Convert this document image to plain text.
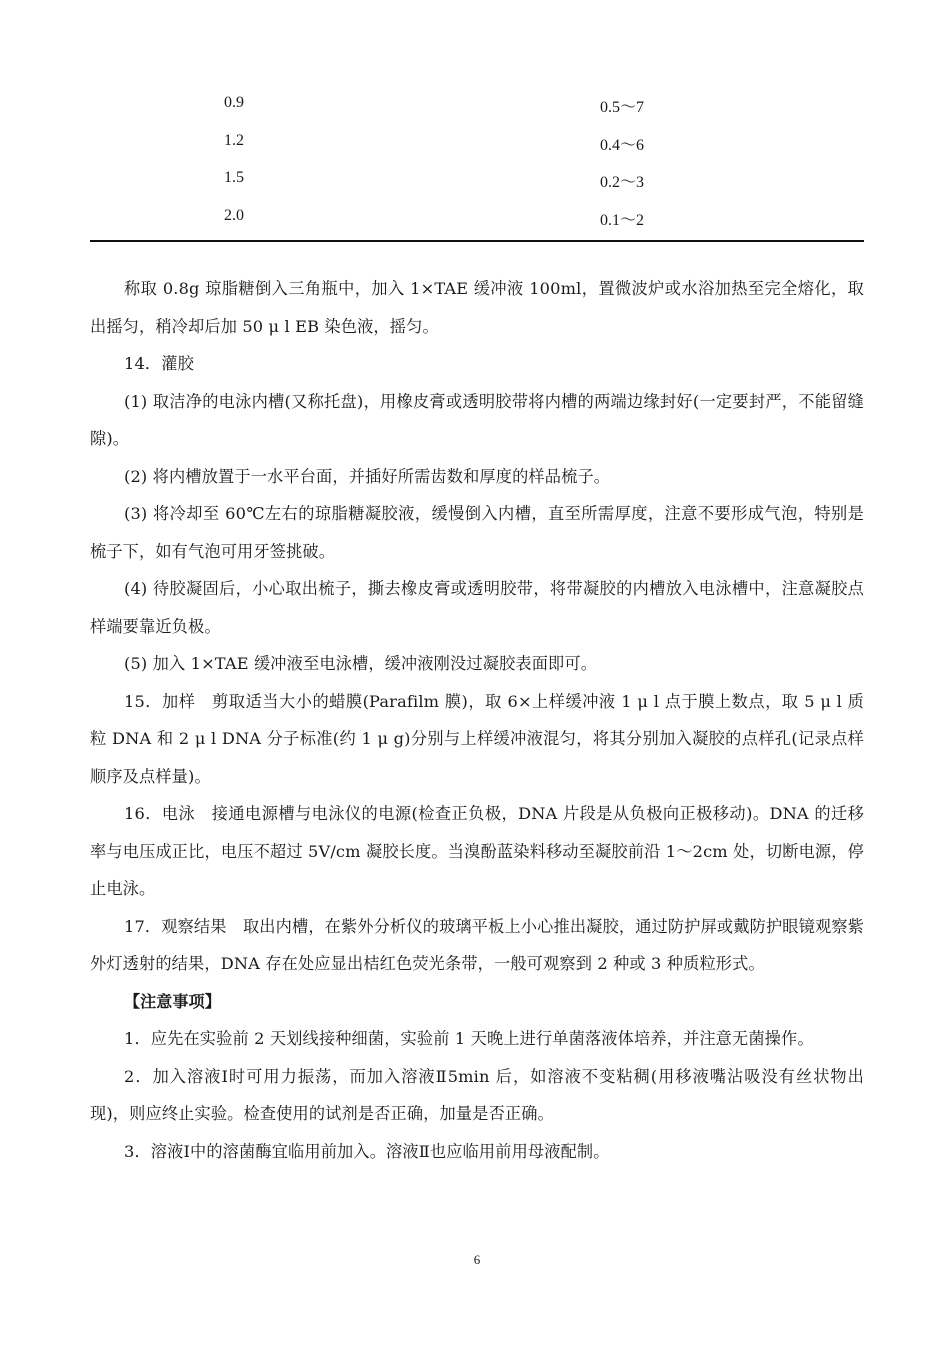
0.9	0.5～7
1.2	0.4～6
1.5	0.2～3
2.0	0.1～2

称取 0.8g 琼脂糖倒入三角瓶中，加入 1×TAE 缓冲液 100ml，置微波炉或水浴加热至完全熔化，取出摇匀，稍冷却后加 50 μ l EB 染色液，摇匀。

14．灌胶

(1) 取洁净的电泳内槽(又称托盘)，用橡皮膏或透明胶带将内槽的两端边缘封好(一定要封严，不能留缝隙)。

(2) 将内槽放置于一水平台面，并插好所需齿数和厚度的样品梳子。

(3) 将冷却至 60℃左右的琼脂糖凝胶液，缓慢倒入内槽，直至所需厚度，注意不要形成气泡，特别是梳子下，如有气泡可用牙签挑破。

(4) 待胶凝固后，小心取出梳子，撕去橡皮膏或透明胶带，将带凝胶的内槽放入电泳槽中，注意凝胶点样端要靠近负极。

(5) 加入 1×TAE 缓冲液至电泳槽，缓冲液刚没过凝胶表面即可。

15．加样　剪取适当大小的蜡膜(Parafilm 膜)，取 6×上样缓冲液 1 μ l 点于膜上数点，取 5 μ l 质粒 DNA 和 2 μ l DNA 分子标准(约 1 μ g)分别与上样缓冲液混匀，将其分别加入凝胶的点样孔(记录点样顺序及点样量)。

16．电泳　接通电源槽与电泳仪的电源(检查正负极，DNA 片段是从负极向正极移动)。DNA 的迁移率与电压成正比，电压不超过 5V/cm 凝胶长度。当溴酚蓝染料移动至凝胶前沿 1～2cm 处，切断电源，停止电泳。

17．观察结果　取出内槽，在紫外分析仪的玻璃平板上小心推出凝胶，通过防护屏或戴防护眼镜观察紫外灯透射的结果，DNA 存在处应显出桔红色荧光条带，一般可观察到 2 种或 3 种质粒形式。

【注意事项】

1．应先在实验前 2 天划线接种细菌，实验前 1 天晚上进行单菌落液体培养，并注意无菌操作。

2．加入溶液Ⅰ时可用力振荡，而加入溶液Ⅱ5min 后，如溶液不变粘稠(用移液嘴沾吸没有丝状物出现)，则应终止实验。检查使用的试剂是否正确，加量是否正确。

3．溶液Ⅰ中的溶菌酶宜临用前加入。溶液Ⅱ也应临用前用母液配制。

6
